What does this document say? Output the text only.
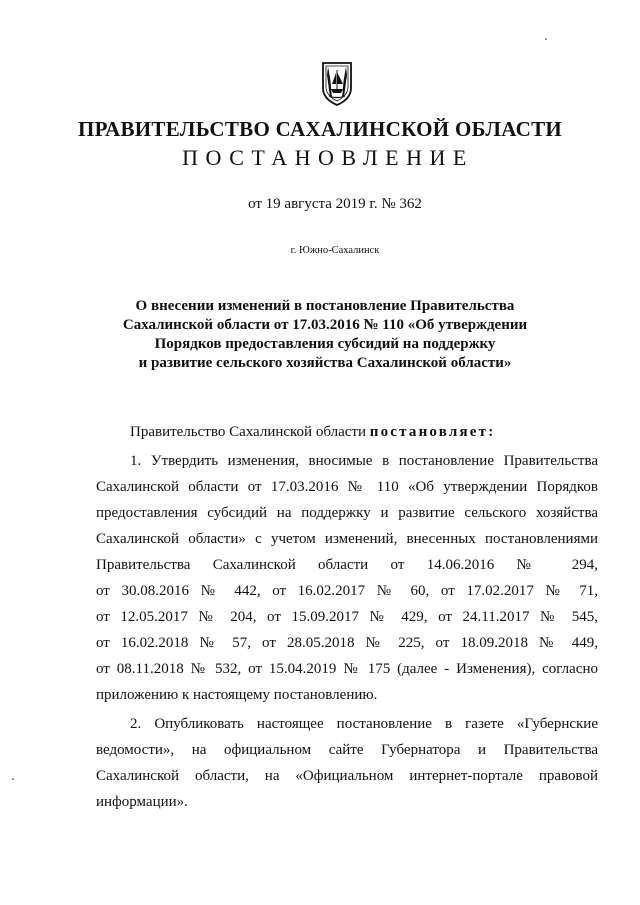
ПРАВИТЕЛЬСТВО САХАЛИНСКОЙ ОБЛАСТИ
ПОСТАНОВЛЕНИЕ
от 19 августа 2019 г. № 362
г. Южно-Сахалинск
О внесении изменений в постановление Правительства
Сахалинской области от 17.03.2016 № 110 «Об утверждении
Порядков предоставления субсидий на поддержку
и развитие сельского хозяйства Сахалинской области»
Правительство Сахалинской области постановляет:
1. Утвердить изменения, вносимые в постановление Правительства
Сахалинской области от 17.03.2016 № 110 «Об утверждении Порядков
предоставления субсидий на поддержку и развитие сельского хозяйства
Сахалинской области» с учетом изменений, внесенных постановлениями
Правительства Сахалинской области от 14.06.2016 № 294,
от 30.08.2016 № 442, от 16.02.2017 № 60, от 17.02.2017 № 71,
от 12.05.2017 № 204, от 15.09.2017 № 429, от 24.11.2017 № 545,
от 16.02.2018 № 57, от 28.05.2018 № 225, от 18.09.2018 № 449,
от 08.11.2018 № 532, от 15.04.2019 № 175 (далее - Изменения), согласно
приложению к настоящему постановлению.
2. Опубликовать настоящее постановление в газете «Губернские
ведомости», на официальном сайте Губернатора и Правительства
Сахалинской области, на «Официальном интернет-портале правовой
информации».
